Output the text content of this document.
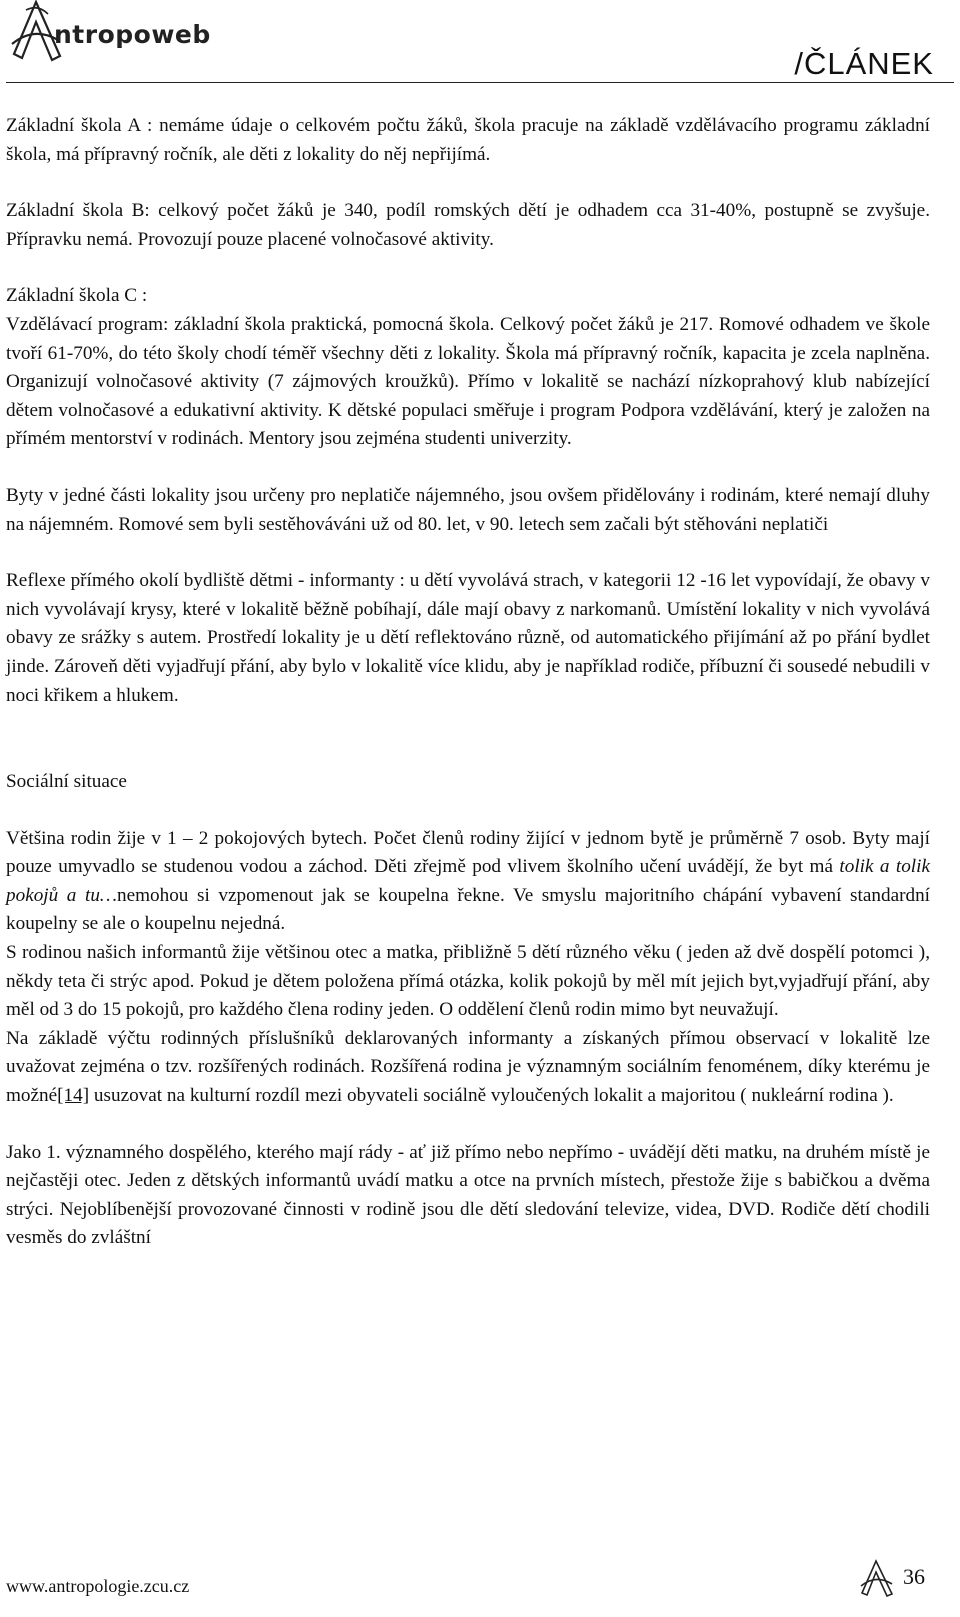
ntropoweb
/ČLÁNEK

Základní škola A : nemáme údaje o celkovém počtu žáků, škola pracuje na základě vzdělávacího programu základní škola, má přípravný ročník, ale děti z lokality do něj nepřijímá.

Základní škola B: celkový počet žáků je 340, podíl romských dětí je odhadem cca 31-40%, postupně se zvyšuje. Přípravku nemá. Provozují pouze placené volnočasové aktivity.

Základní škola C :

Vzdělávací program: základní škola praktická, pomocná škola. Celkový počet žáků je 217. Romové odhadem ve škole tvoří 61-70%, do této školy chodí téměř všechny děti z lokality. Škola má přípravný ročník, kapacita je zcela naplněna. Organizují volnočasové aktivity (7 zájmových kroužků). Přímo v lokalitě se nachází nízkoprahový klub nabízející dětem volnočasové a edukativní aktivity. K dětské populaci směřuje i program Podpora vzdělávání, který je založen na přímém mentorství v rodinách. Mentory jsou zejména studenti univerzity.

Byty v jedné části lokality jsou určeny pro neplatiče nájemného, jsou ovšem přidělovány i rodinám, které nemají dluhy na nájemném. Romové sem byli sestěhováváni už od 80. let, v 90. letech sem začali být stěhováni neplatiči

Reflexe přímého okolí bydliště dětmi - informanty : u dětí vyvolává strach, v kategorii 12 -16 let vypovídají, že obavy v nich vyvolávají krysy, které v lokalitě běžně pobíhají, dále mají obavy z narkomanů. Umístění lokality v nich vyvolává obavy ze srážky s autem. Prostředí lokality je u dětí reflektováno různě, od automatického přijímání až po přání bydlet jinde. Zároveň děti vyjadřují přání, aby bylo v lokalitě více klidu, aby je například rodiče, příbuzní či sousedé nebudili v noci křikem a hlukem.

Sociální situace

Většina rodin žije v 1 – 2 pokojových bytech. Počet členů rodiny žijící v jednom bytě je průměrně 7 osob. Byty mají pouze umyvadlo se studenou vodou a záchod. Děti zřejmě pod vlivem školního učení uvádějí, že byt má tolik a tolik pokojů a tu…nemohou si vzpomenout jak se koupelna řekne. Ve smyslu majoritního chápání vybavení standardní koupelny se ale o koupelnu nejedná.

S rodinou našich informantů žije většinou otec a matka, přibližně 5 dětí různého věku ( jeden až dvě dospělí potomci ), někdy teta či strýc apod. Pokud je dětem položena přímá otázka, kolik pokojů by měl mít jejich byt,vyjadřují přání, aby měl od 3 do 15 pokojů, pro každého člena rodiny jeden. O oddělení členů rodin mimo byt neuvažují.

Na základě výčtu rodinných příslušníků deklarovaných informanty a získaných přímou observací v lokalitě lze uvažovat zejména o tzv. rozšířených rodinách. Rozšířená rodina je významným sociálním fenoménem, díky kterému je možné[14] usuzovat na kulturní rozdíl mezi obyvateli sociálně vyloučených lokalit a majoritou ( nukleární rodina ).

Jako 1. významného dospělého, kterého mají rády - ať již přímo nebo nepřímo - uvádějí děti matku, na druhém místě je nejčastěji otec. Jeden z dětských informantů uvádí matku a otce na prvních místech, přestože žije s babičkou a dvěma strýci. Nejoblíbenější provozované činnosti v rodině jsou dle dětí sledování televize, videa, DVD. Rodiče dětí chodili vesměs do zvláštní

www.antropologie.zcu.cz	36
